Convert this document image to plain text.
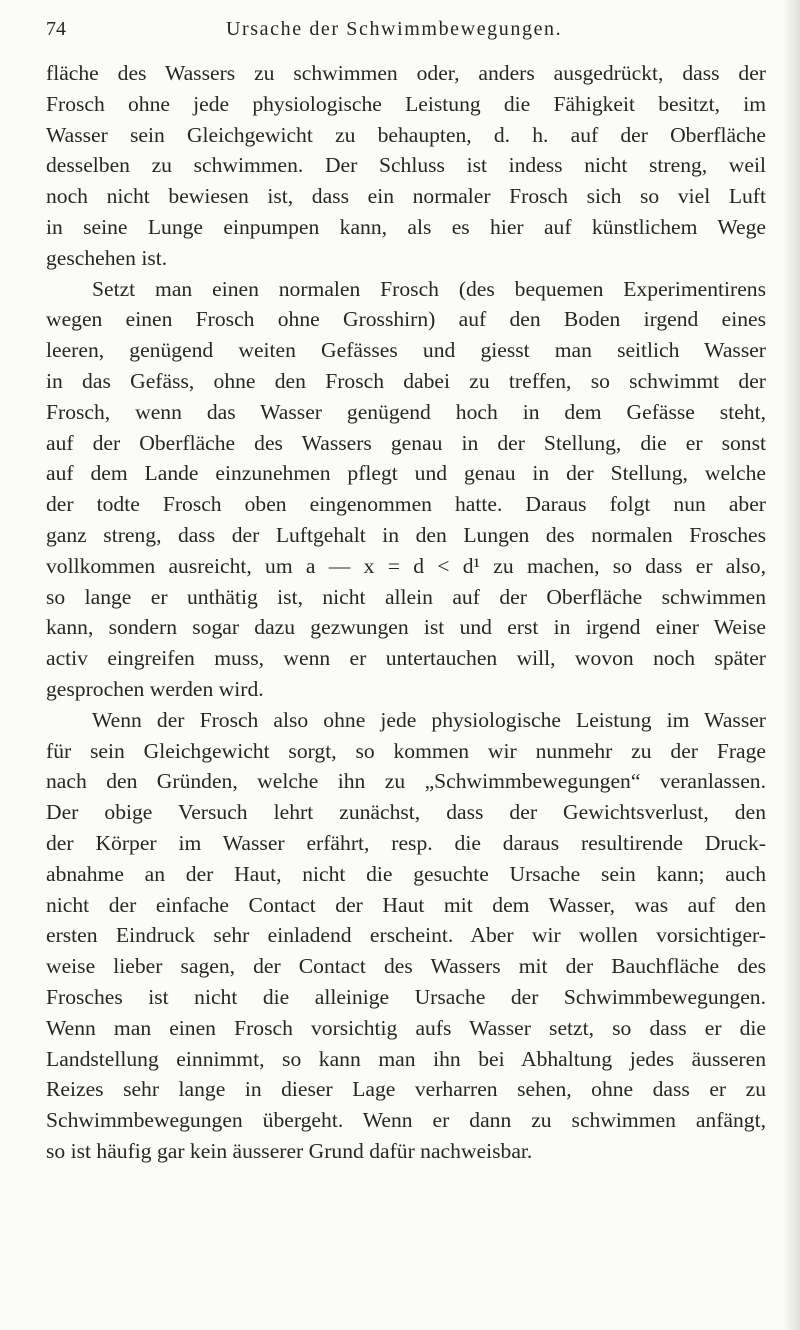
74	Ursache der Schwimmbewegungen.
fläche des Wassers zu schwimmen oder, anders ausgedrückt, dass der
Frosch ohne jede physiologische Leistung die Fähigkeit besitzt, im
Wasser sein Gleichgewicht zu behaupten, d. h. auf der Oberfläche
desselben zu schwimmen. Der Schluss ist indess nicht streng, weil
noch nicht bewiesen ist, dass ein normaler Frosch sich so viel Luft
in seine Lunge einpumpen kann, als es hier auf künstlichem Wege
geschehen ist.
Setzt man einen normalen Frosch (des bequemen Experimentirens
wegen einen Frosch ohne Grosshirn) auf den Boden irgend eines
leeren, genügend weiten Gefässes und giesst man seitlich Wasser
in das Gefäss, ohne den Frosch dabei zu treffen, so schwimmt der
Frosch, wenn das Wasser genügend hoch in dem Gefässe steht,
auf der Oberfläche des Wassers genau in der Stellung, die er sonst
auf dem Lande einzunehmen pflegt und genau in der Stellung, welche
der todte Frosch oben eingenommen hatte. Daraus folgt nun aber
ganz streng, dass der Luftgehalt in den Lungen des normalen Frosches
vollkommen ausreicht, um a — x = d < d¹ zu machen, so dass er also,
so lange er unthätig ist, nicht allein auf der Oberfläche schwimmen
kann, sondern sogar dazu gezwungen ist und erst in irgend einer Weise
activ eingreifen muss, wenn er untertauchen will, wovon noch später
gesprochen werden wird.
Wenn der Frosch also ohne jede physiologische Leistung im Wasser
für sein Gleichgewicht sorgt, so kommen wir nunmehr zu der Frage
nach den Gründen, welche ihn zu „Schwimmbewegungen“ veranlassen.
Der obige Versuch lehrt zunächst, dass der Gewichtsverlust, den
der Körper im Wasser erfährt, resp. die daraus resultirende Druck-
abnahme an der Haut, nicht die gesuchte Ursache sein kann; auch
nicht der einfache Contact der Haut mit dem Wasser, was auf den
ersten Eindruck sehr einladend erscheint. Aber wir wollen vorsichtiger-
weise lieber sagen, der Contact des Wassers mit der Bauchfläche des
Frosches ist nicht die alleinige Ursache der Schwimmbewegungen.
Wenn man einen Frosch vorsichtig aufs Wasser setzt, so dass er die
Landstellung einnimmt, so kann man ihn bei Abhaltung jedes äusseren
Reizes sehr lange in dieser Lage verharren sehen, ohne dass er zu
Schwimmbewegungen übergeht. Wenn er dann zu schwimmen anfängt,
so ist häufig gar kein äusserer Grund dafür nachweisbar.
